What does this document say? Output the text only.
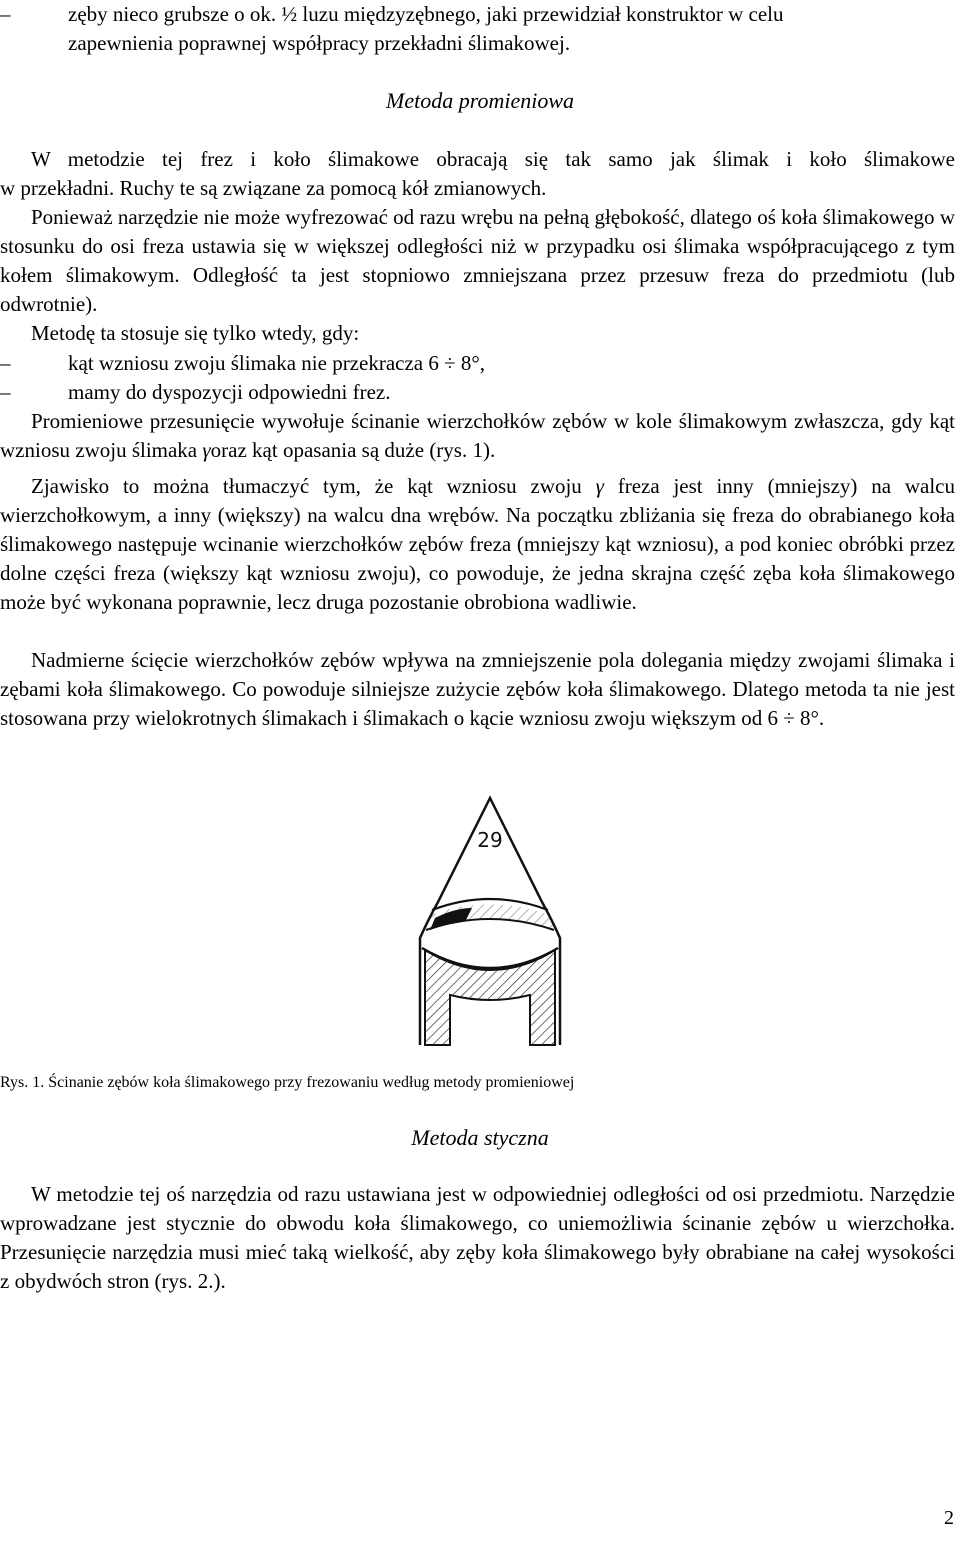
–	zęby nieco grubsze o ok. ½ luzu międzyzębnego, jaki przewidział konstruktor w celu
zapewnienia poprawnej współpracy przekładni ślimakowej.
Metoda promieniowa
W metodzie tej frez i koło ślimakowe obracają się tak samo jak ślimak i koło ślimakowe
w przekładni. Ruchy te są związane za pomocą kół zmianowych.

Ponieważ narzędzie nie może wyfrezować od razu wrębu na pełną głębokość, dlatego oś koła ślimakowego w stosunku do osi freza ustawia się w większej odległości niż w przypadku osi ślimaka współpracującego z tym kołem ślimakowym. Odległość ta jest stopniowo zmniejszana przez przesuw freza do przedmiotu (lub odwrotnie).

Metodę ta stosuje się tylko wtedy, gdy:

–	kąt wzniosu zwoju ślimaka nie przekracza 6 ÷ 8°,
–	mamy do dyspozycji odpowiedni frez.

Promieniowe przesunięcie wywołuje ścinanie wierzchołków zębów w kole ślimakowym zwłaszcza, gdy kąt wzniosu zwoju ślimaka γoraz kąt opasania są duże (rys. 1).

Zjawisko to można tłumaczyć tym, że kąt wzniosu zwoju γ freza jest inny (mniejszy) na walcu wierzchołkowym, a inny (większy) na walcu dna wrębów. Na początku zbliżania się freza do obrabianego koła ślimakowego następuje wcinanie wierzchołków zębów freza (mniejszy kąt wzniosu), a pod koniec obróbki przez dolne części freza (większy kąt wzniosu zwoju), co powoduje, że jedna skrajna część zęba koła ślimakowego może być wykonana poprawnie, lecz druga pozostanie obrobiona wadliwie.

Nadmierne ścięcie wierzchołków zębów wpływa na zmniejszenie pola dolegania między zwojami ślimaka i zębami koła ślimakowego. Co powoduje silniejsze zużycie zębów koła ślimakowego. Dlatego metoda ta nie jest stosowana przy wielokrotnych ślimakach i ślimakach o kącie wzniosu zwoju większym od 6 ÷ 8°.

29
Rys. 1. Ścinanie zębów koła ślimakowego przy frezowaniu według metody promieniowej
Metoda styczna

W metodzie tej oś narzędzia od razu ustawiana jest w odpowiedniej odległości od osi przedmiotu. Narzędzie wprowadzane jest stycznie do obwodu koła ślimakowego, co uniemożliwia ścinanie zębów u wierzchołka. Przesunięcie narzędzia musi mieć taką wielkość, aby zęby koła ślimakowego były obrabiane na całej wysokości z obydwóch stron (rys. 2.).

2
